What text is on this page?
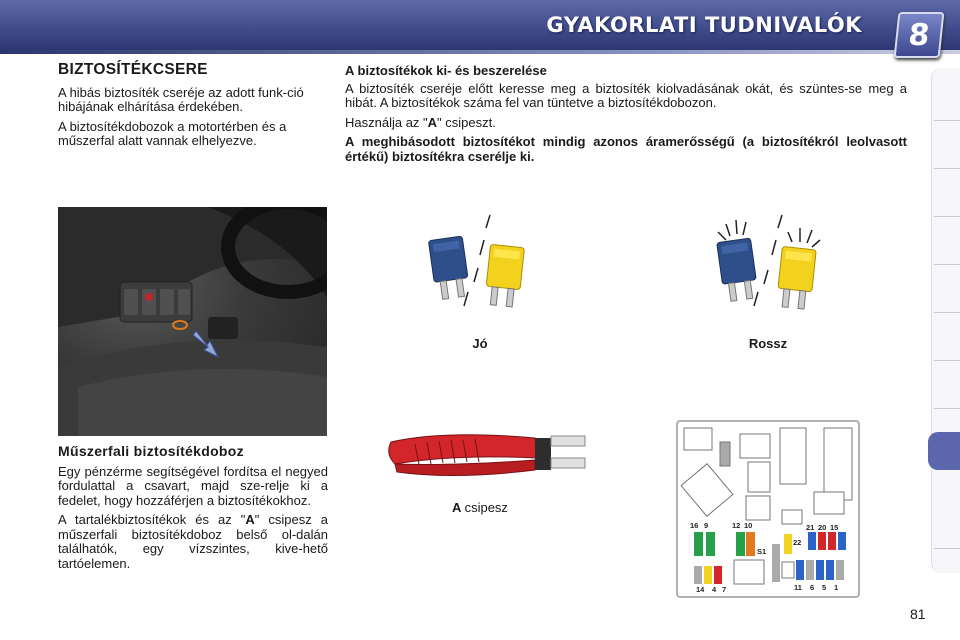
GYAKORLATI TUDNIVALÓK 8
BIZTOSÍTÉKCSERE

A hibás biztosíték cseréje az adott funk-ció hibájának elhárítása érdekében.

A biztosítékdobozok a motortérben és a műszerfal alatt vannak elhelyezve.

A biztosítékok ki- és beszerelése

A biztosíték cseréje előtt keresse meg a biztosíték kiolvadásának okát, és szüntes-se meg a hibát. A biztosítékok száma fel van tüntetve a biztosítékdobozon.

Használja az "A" csipeszt.

A meghibásodott biztosítékot mindig azonos áramerősségű (a biztosítékról leolvasott értékű) biztosítékra cserélje ki.

Jó	Rossz
A csipesz
Műszerfali biztosítékdoboz

Egy pénzérme segítségével fordítsa el negyed fordulattal a csavart, majd sze-relje ki a fedelet, hogy hozzáférjen a biztosítékokhoz.

A tartalékbiztosítékok és az "A" csipesz a műszerfali biztosítékdoboz belső ol-dalán találhatók, egy vízszintes, kive-hető tartóelemen.

16 9	12 10	21 20 15
22
S1
14 4 7	11 6 5 1
81
